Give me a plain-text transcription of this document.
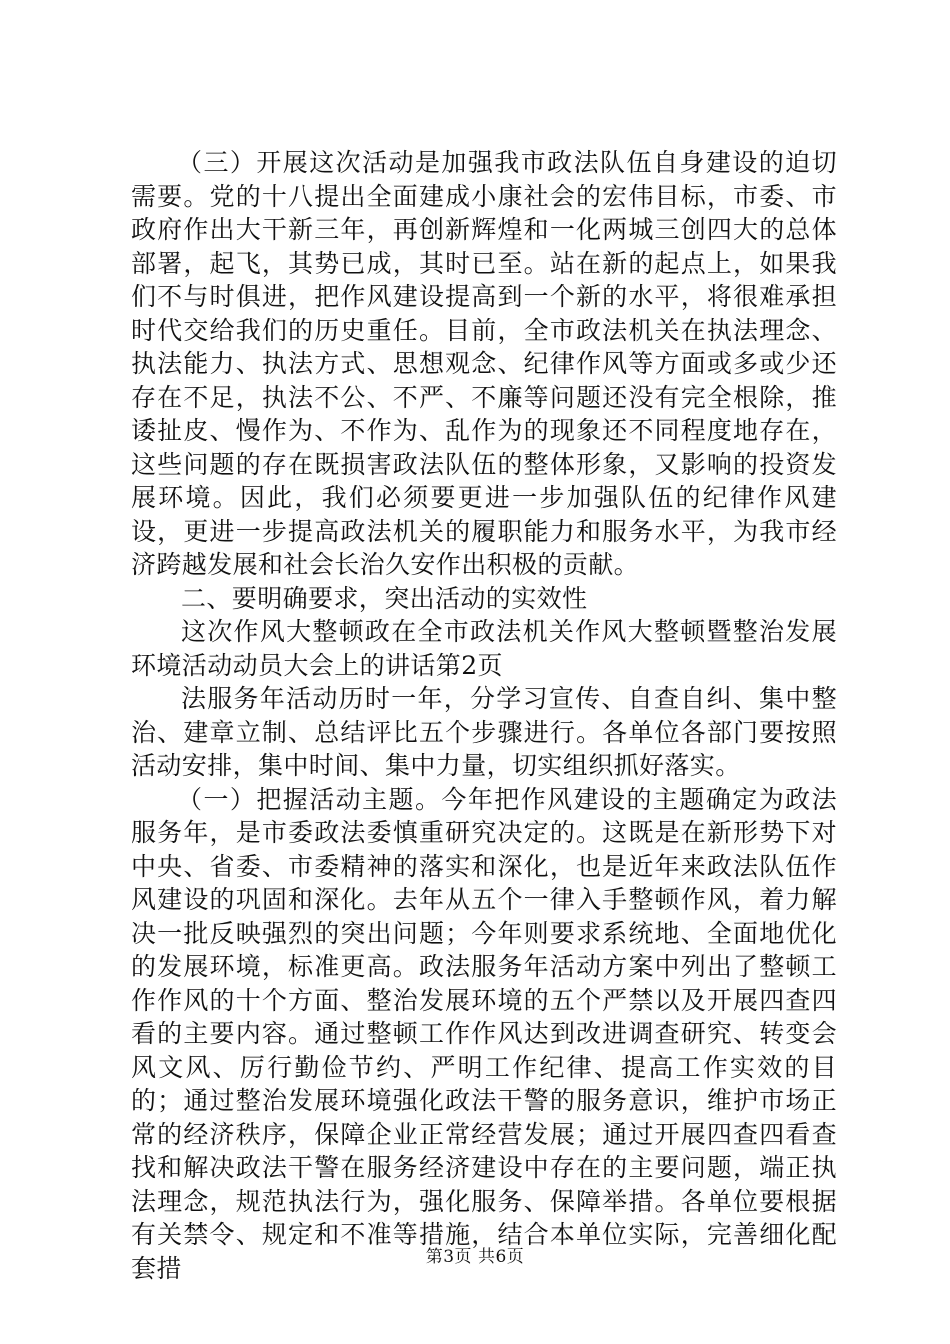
（三）开展这次活动是加强我市政法队伍自身建设的迫切需要。党的十八提出全面建成小康社会的宏伟目标，市委、市政府作出大干新三年，再创新辉煌和一化两城三创四大的总体部署，起飞，其势已成，其时已至。站在新的起点上，如果我们不与时俱进，把作风建设提高到一个新的水平，将很难承担时代交给我们的历史重任。目前，全市政法机关在执法理念、执法能力、执法方式、思想观念、纪律作风等方面或多或少还存在不足，执法不公、不严、不廉等问题还没有完全根除，推诿扯皮、慢作为、不作为、乱作为的现象还不同程度地存在，这些问题的存在既损害政法队伍的整体形象，又影响的投资发展环境。因此，我们必须要更进一步加强队伍的纪律作风建设，更进一步提高政法机关的履职能力和服务水平，为我市经济跨越发展和社会长治久安作出积极的贡献。

二、要明确要求，突出活动的实效性

这次作风大整顿政在全市政法机关作风大整顿暨整治发展环境活动动员大会上的讲话第2页

法服务年活动历时一年，分学习宣传、自查自纠、集中整治、建章立制、总结评比五个步骤进行。各单位各部门要按照活动安排，集中时间、集中力量，切实组织抓好落实。

（一）把握活动主题。今年把作风建设的主题确定为政法服务年，是市委政法委慎重研究决定的。这既是在新形势下对中央、省委、市委精神的落实和深化，也是近年来政法队伍作风建设的巩固和深化。去年从五个一律入手整顿作风，着力解决一批反映强烈的突出问题；今年则要求系统地、全面地优化的发展环境，标准更高。政法服务年活动方案中列出了整顿工作作风的十个方面、整治发展环境的五个严禁以及开展四查四看的主要内容。通过整顿工作作风达到改进调查研究、转变会风文风、厉行勤俭节约、严明工作纪律、提高工作实效的目的；通过整治发展环境强化政法干警的服务意识，维护市场正常的经济秩序，保障企业正常经营发展；通过开展四查四看查找和解决政法干警在服务经济建设中存在的主要问题，端正执法理念，规范执法行为，强化服务、保障举措。各单位要根据有关禁令、规定和不准等措施，结合本单位实际，完善细化配套措	第3页 共6页
